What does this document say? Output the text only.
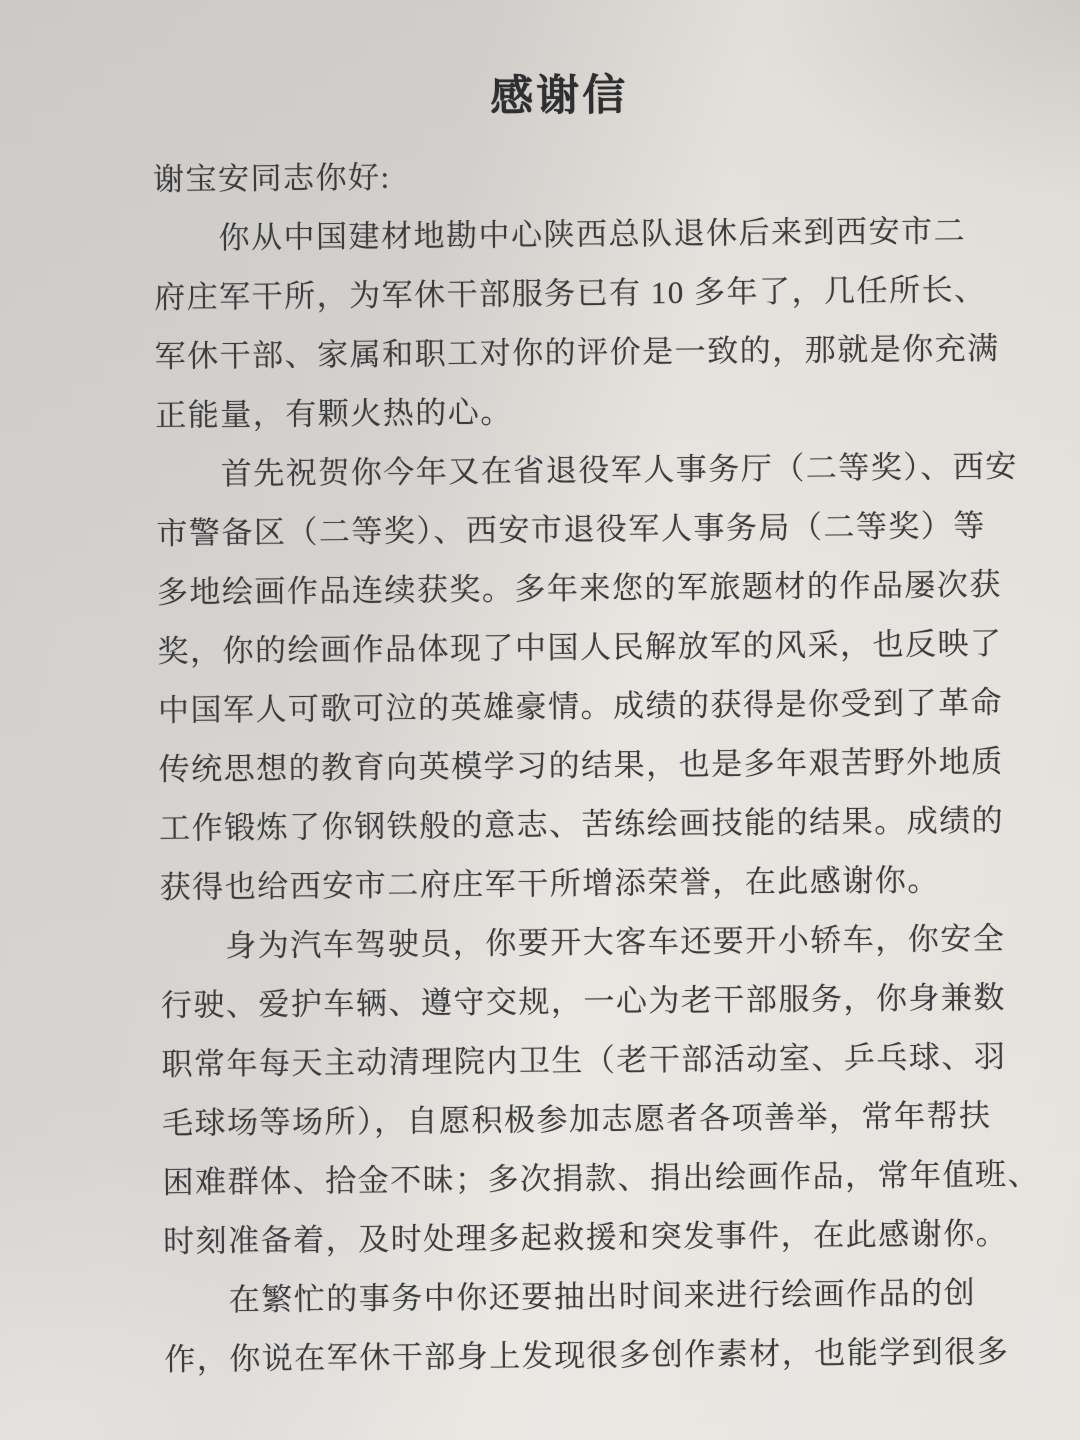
感谢信
谢宝安同志你好:
你从中国建材地勘中心陕西总队退休后来到西安市二
府庄军干所，为军休干部服务已有 10 多年了，几任所长、
军休干部、家属和职工对你的评价是一致的，那就是你充满
正能量，有颗火热的心。
首先祝贺你今年又在省退役军人事务厅（二等奖）、西安
市警备区（二等奖）、西安市退役军人事务局（二等奖）等
多地绘画作品连续获奖。多年来您的军旅题材的作品屡次获
奖，你的绘画作品体现了中国人民解放军的风采，也反映了
中国军人可歌可泣的英雄豪情。成绩的获得是你受到了革命
传统思想的教育向英模学习的结果，也是多年艰苦野外地质
工作锻炼了你钢铁般的意志、苦练绘画技能的结果。成绩的
获得也给西安市二府庄军干所增添荣誉，在此感谢你。
身为汽车驾驶员，你要开大客车还要开小轿车，你安全
行驶、爱护车辆、遵守交规，一心为老干部服务，你身兼数
职常年每天主动清理院内卫生（老干部活动室、乒乓球、羽
毛球场等场所），自愿积极参加志愿者各项善举，常年帮扶
困难群体、拾金不昧；多次捐款、捐出绘画作品，常年值班、
时刻准备着，及时处理多起救援和突发事件，在此感谢你。
在繁忙的事务中你还要抽出时间来进行绘画作品的创
作，你说在军休干部身上发现很多创作素材，也能学到很多
